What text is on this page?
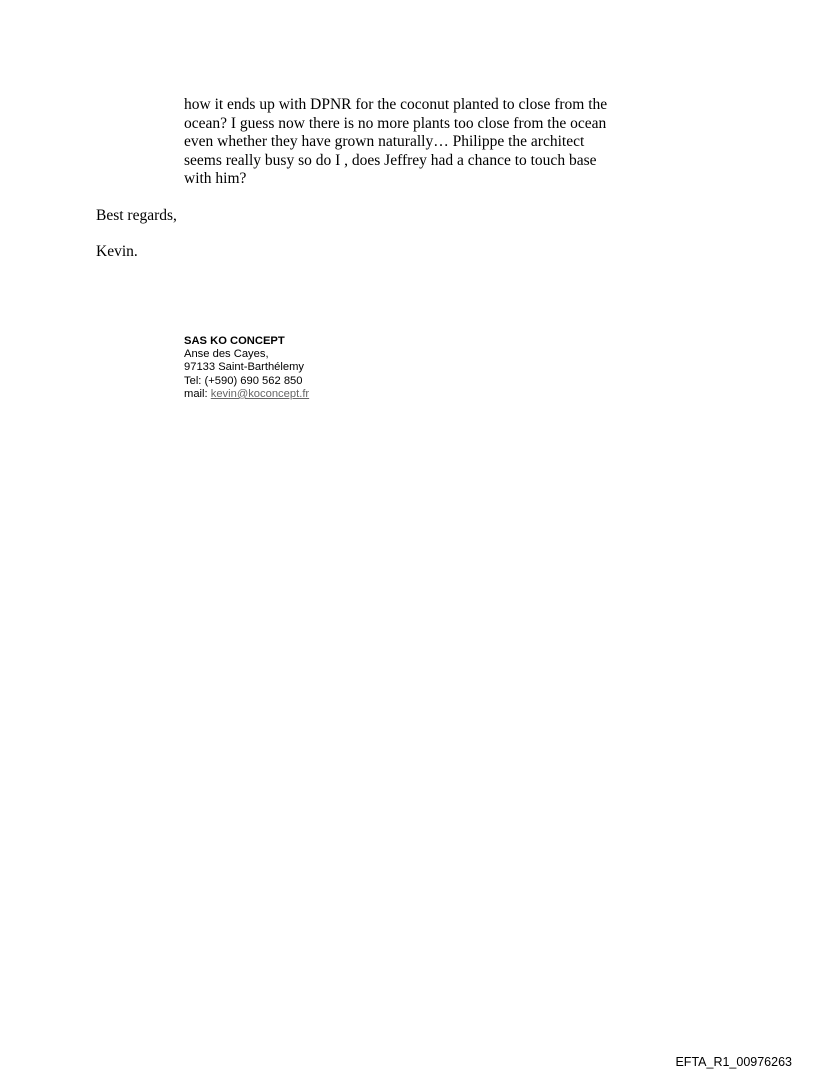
how it ends up with DPNR for the coconut planted to close from the
ocean? I guess now there is no more plants too close from the ocean
even whether they have grown naturally… Philippe the architect
seems really busy so do I , does Jeffrey had a chance to touch base
with him?
Best regards,
Kevin.
SAS KO CONCEPT
Anse des Cayes,
97133 Saint-Barthélemy
Tel: (+590) 690 562 850
mail: kevin@koconcept.fr
EFTA_R1_00976263
